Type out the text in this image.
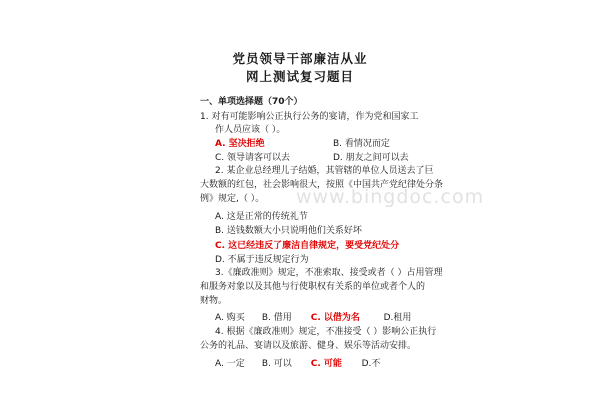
党员领导干部廉洁从业
网上测试复习题目
一、单项选择题（70个）
1. 对有可能影响公正执行公务的宴请，作为党和国家工
作人员应该（ ）。
A. 坚决拒绝	B. 看情况而定
C. 领导请客可以去	D. 朋友之间可以去
2. 某企业总经理儿子结婚，其管辖的单位人员送去了巨
大数额的红包，社会影响很大，按照《中国共产党纪律处分条
例》规定,（ ）。
A. 这是正常的传统礼节
B. 送钱数额大小只说明他们关系好坏
C. 这已经违反了廉洁自律规定，要受党纪处分
D. 不属于违反规定行为
3.《廉政准则》规定，不准索取、接受或者（ ）占用管理
和服务对象以及其他与行使职权有关系的单位或者个人的
财物。
A. 购买 B. 借用 C. 以借为名	D.租用
4. 根据《廉政准则》规定，不准接受（ ）影响公正执行
公务的礼品、宴请以及旅游、健身、娱乐等活动安排。
A. 一定 B. 可以 C. 可能 D.不
www.bingdoc.com
